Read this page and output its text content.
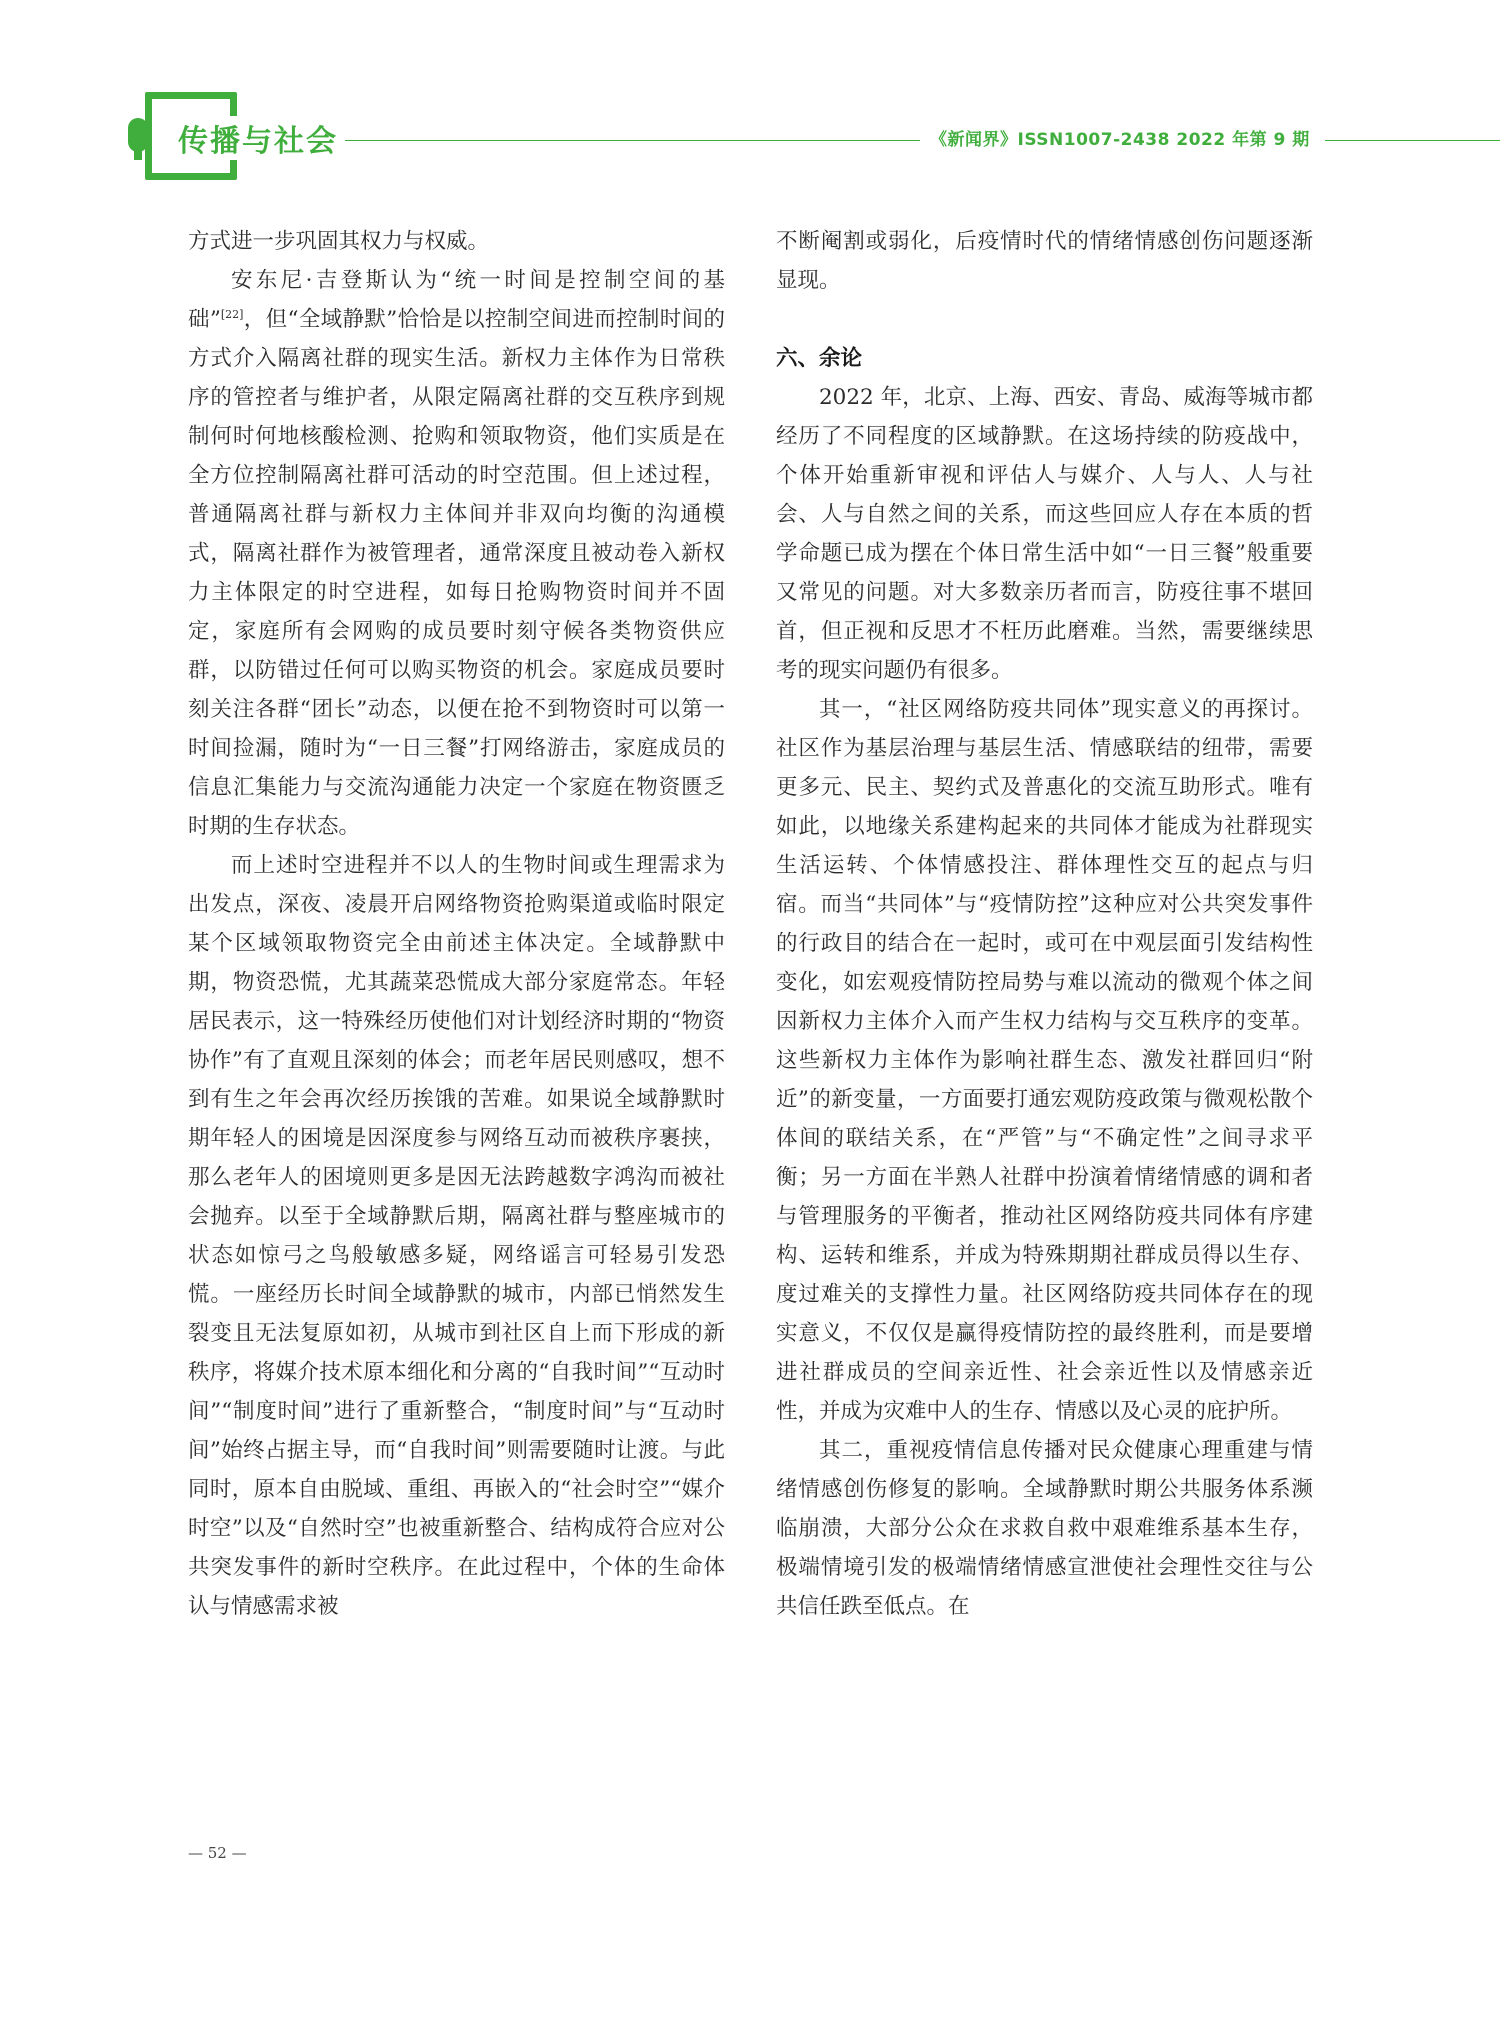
传播与社会	《新闻界》ISSN1007-2438 2022 年第 9 期

方式进一步巩固其权力与权威。

安东尼·吉登斯认为“统一时间是控制空间的基础”[22]，但“全域静默”恰恰是以控制空间进而控制时间的方式介入隔离社群的现实生活。新权力主体作为日常秩序的管控者与维护者，从限定隔离社群的交互秩序到规制何时何地核酸检测、抢购和领取物资，他们实质是在全方位控制隔离社群可活动的时空范围。但上述过程，普通隔离社群与新权力主体间并非双向均衡的沟通模式，隔离社群作为被管理者，通常深度且被动卷入新权力主体限定的时空进程，如每日抢购物资时间并不固定，家庭所有会网购的成员要时刻守候各类物资供应群，以防错过任何可以购买物资的机会。家庭成员要时刻关注各群“团长”动态，以便在抢不到物资时可以第一时间捡漏，随时为“一日三餐”打网络游击，家庭成员的信息汇集能力与交流沟通能力决定一个家庭在物资匮乏时期的生存状态。

而上述时空进程并不以人的生物时间或生理需求为出发点，深夜、凌晨开启网络物资抢购渠道或临时限定某个区域领取物资完全由前述主体决定。全域静默中期，物资恐慌，尤其蔬菜恐慌成大部分家庭常态。年轻居民表示，这一特殊经历使他们对计划经济时期的“物资协作”有了直观且深刻的体会；而老年居民则感叹，想不到有生之年会再次经历挨饿的苦难。如果说全域静默时期年轻人的困境是因深度参与网络互动而被秩序裹挟，那么老年人的困境则更多是因无法跨越数字鸿沟而被社会抛弃。以至于全域静默后期，隔离社群与整座城市的状态如惊弓之鸟般敏感多疑，网络谣言可轻易引发恐慌。一座经历长时间全域静默的城市，内部已悄然发生裂变且无法复原如初，从城市到社区自上而下形成的新秩序，将媒介技术原本细化和分离的“自我时间”“互动时间”“制度时间”进行了重新整合，“制度时间”与“互动时间”始终占据主导，而“自我时间”则需要随时让渡。与此同时，原本自由脱域、重组、再嵌入的“社会时空”“媒介时空”以及“自然时空”也被重新整合、结构成符合应对公共突发事件的新时空秩序。在此过程中，个体的生命体认与情感需求被

不断阉割或弱化，后疫情时代的情绪情感创伤问题逐渐显现。

六、余论

2022 年，北京、上海、西安、青岛、威海等城市都经历了不同程度的区域静默。在这场持续的防疫战中，个体开始重新审视和评估人与媒介、人与人、人与社会、人与自然之间的关系，而这些回应人存在本质的哲学命题已成为摆在个体日常生活中如“一日三餐”般重要又常见的问题。对大多数亲历者而言，防疫往事不堪回首，但正视和反思才不枉历此磨难。当然，需要继续思考的现实问题仍有很多。

其一，“社区网络防疫共同体”现实意义的再探讨。社区作为基层治理与基层生活、情感联结的纽带，需要更多元、民主、契约式及普惠化的交流互助形式。唯有如此，以地缘关系建构起来的共同体才能成为社群现实生活运转、个体情感投注、群体理性交互的起点与归宿。而当“共同体”与“疫情防控”这种应对公共突发事件的行政目的结合在一起时，或可在中观层面引发结构性变化，如宏观疫情防控局势与难以流动的微观个体之间因新权力主体介入而产生权力结构与交互秩序的变革。这些新权力主体作为影响社群生态、激发社群回归“附近”的新变量，一方面要打通宏观防疫政策与微观松散个体间的联结关系，在“严管”与“不确定性”之间寻求平衡；另一方面在半熟人社群中扮演着情绪情感的调和者与管理服务的平衡者，推动社区网络防疫共同体有序建构、运转和维系，并成为特殊期期社群成员得以生存、度过难关的支撑性力量。社区网络防疫共同体存在的现实意义，不仅仅是赢得疫情防控的最终胜利，而是要增进社群成员的空间亲近性、社会亲近性以及情感亲近性，并成为灾难中人的生存、情感以及心灵的庇护所。

其二，重视疫情信息传播对民众健康心理重建与情绪情感创伤修复的影响。全域静默时期公共服务体系濒临崩溃，大部分公众在求救自救中艰难维系基本生存，极端情境引发的极端情绪情感宣泄使社会理性交往与公共信任跌至低点。在

— 52 —
